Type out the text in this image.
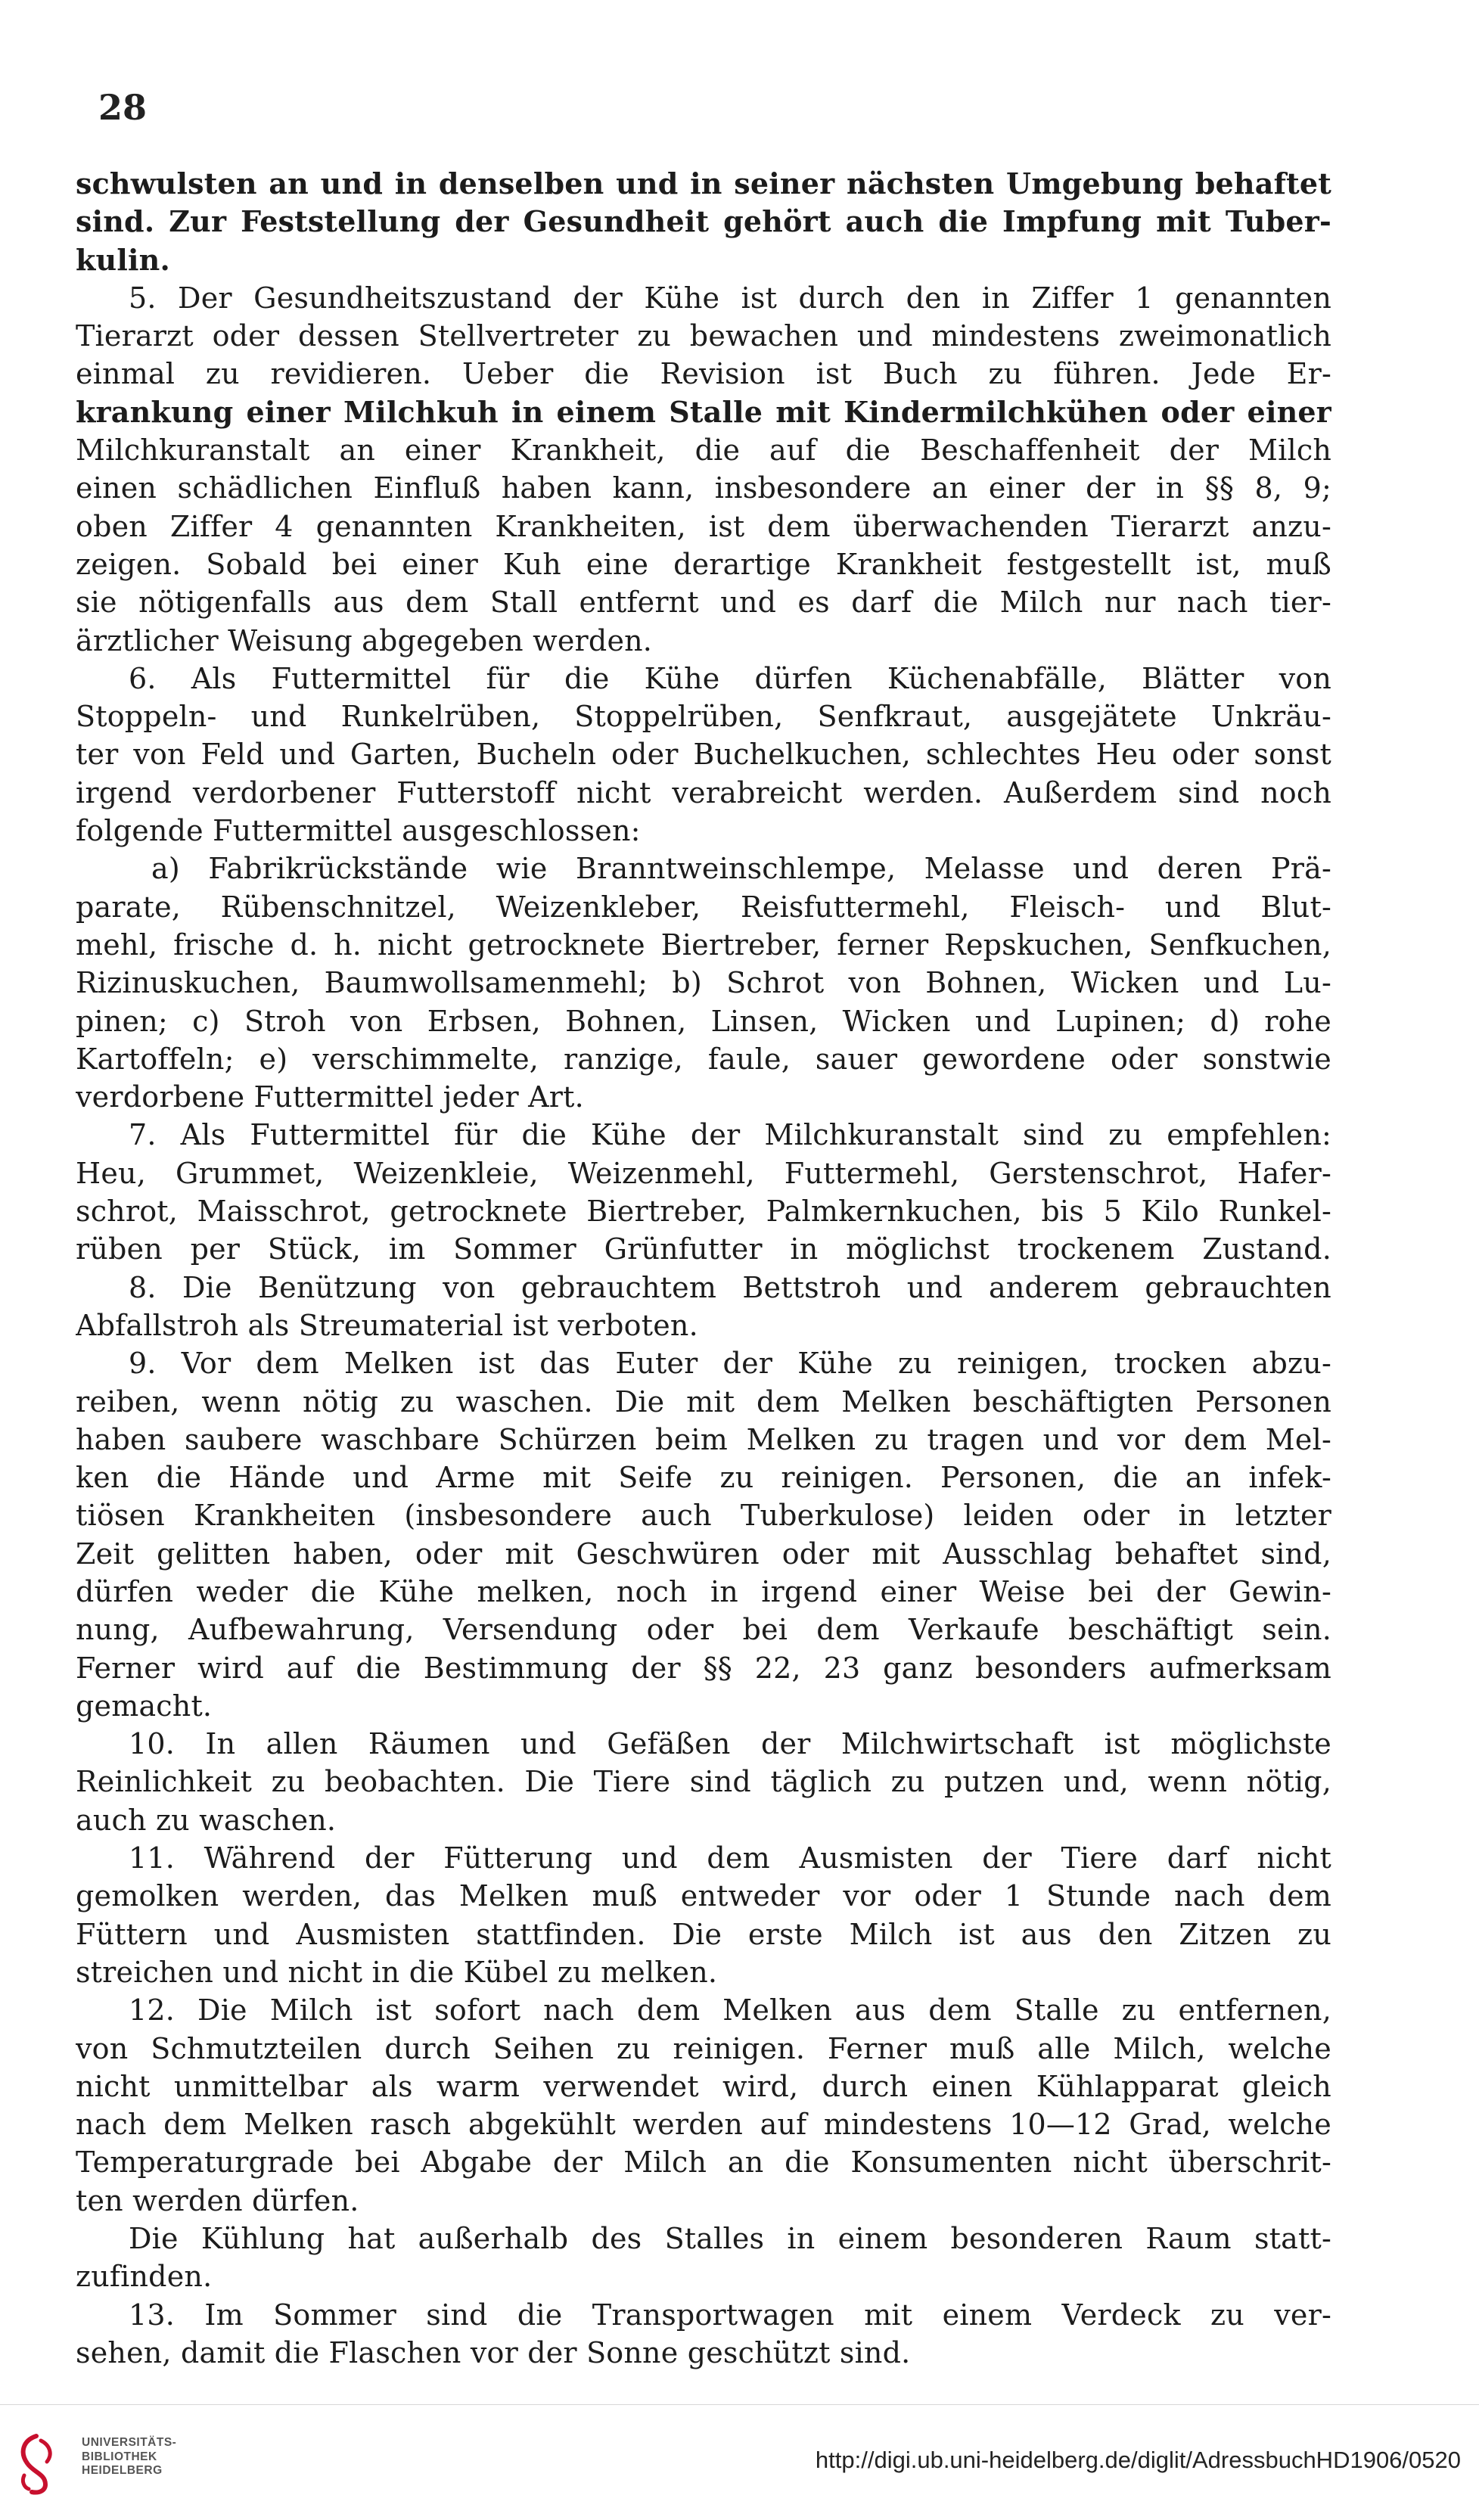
28
schwulsten an und in denselben und in seiner nächsten Umgebung behaftet
sind. Zur Feststellung der Gesundheit gehört auch die Impfung mit Tuber-
kulin.
5. Der Gesundheitszustand der Kühe ist durch den in Ziffer 1 genannten
Tierarzt oder dessen Stellvertreter zu bewachen und mindestens zweimonatlich
einmal zu revidieren. Ueber die Revision ist Buch zu führen. Jede Er-
krankung einer Milchkuh in einem Stalle mit Kindermilchkühen oder einer
Milchkuranstalt an einer Krankheit, die auf die Beschaffenheit der Milch
einen schädlichen Einfluß haben kann, insbesondere an einer der in §§ 8, 9;
oben Ziffer 4 genannten Krankheiten, ist dem überwachenden Tierarzt anzu-
zeigen. Sobald bei einer Kuh eine derartige Krankheit festgestellt ist, muß
sie nötigenfalls aus dem Stall entfernt und es darf die Milch nur nach tier-
ärztlicher Weisung abgegeben werden.
6. Als Futtermittel für die Kühe dürfen Küchenabfälle, Blätter von
Stoppeln- und Runkelrüben, Stoppelrüben, Senfkraut, ausgejätete Unkräu-
ter von Feld und Garten, Bucheln oder Buchelkuchen, schlechtes Heu oder sonst
irgend verdorbener Futterstoff nicht verabreicht werden. Außerdem sind noch
folgende Futtermittel ausgeschlossen:
a) Fabrikrückstände wie Branntweinschlempe, Melasse und deren Prä-
parate, Rübenschnitzel, Weizenkleber, Reisfuttermehl, Fleisch- und Blut-
mehl, frische d. h. nicht getrocknete Biertreber, ferner Repskuchen, Senfkuchen,
Rizinuskuchen, Baumwollsamenmehl; b) Schrot von Bohnen, Wicken und Lu-
pinen; c) Stroh von Erbsen, Bohnen, Linsen, Wicken und Lupinen; d) rohe
Kartoffeln; e) verschimmelte, ranzige, faule, sauer gewordene oder sonstwie
verdorbene Futtermittel jeder Art.
7. Als Futtermittel für die Kühe der Milchkuranstalt sind zu empfehlen:
Heu, Grummet, Weizenkleie, Weizenmehl, Futtermehl, Gerstenschrot, Hafer-
schrot, Maisschrot, getrocknete Biertreber, Palmkernkuchen, bis 5 Kilo Runkel-
rüben per Stück, im Sommer Grünfutter in möglichst trockenem Zustand.
8. Die Benützung von gebrauchtem Bettstroh und anderem gebrauchten
Abfallstroh als Streumaterial ist verboten.
9. Vor dem Melken ist das Euter der Kühe zu reinigen, trocken abzu-
reiben, wenn nötig zu waschen. Die mit dem Melken beschäftigten Personen
haben saubere waschbare Schürzen beim Melken zu tragen und vor dem Mel-
ken die Hände und Arme mit Seife zu reinigen. Personen, die an infek-
tiösen Krankheiten (insbesondere auch Tuberkulose) leiden oder in letzter
Zeit gelitten haben, oder mit Geschwüren oder mit Ausschlag behaftet sind,
dürfen weder die Kühe melken, noch in irgend einer Weise bei der Gewin-
nung, Aufbewahrung, Versendung oder bei dem Verkaufe beschäftigt sein.
Ferner wird auf die Bestimmung der §§ 22, 23 ganz besonders aufmerksam
gemacht.
10. In allen Räumen und Gefäßen der Milchwirtschaft ist möglichste
Reinlichkeit zu beobachten. Die Tiere sind täglich zu putzen und, wenn nötig,
auch zu waschen.
11. Während der Fütterung und dem Ausmisten der Tiere darf nicht
gemolken werden, das Melken muß entweder vor oder 1 Stunde nach dem
Füttern und Ausmisten stattfinden. Die erste Milch ist aus den Zitzen zu
streichen und nicht in die Kübel zu melken.
12. Die Milch ist sofort nach dem Melken aus dem Stalle zu entfernen,
von Schmutzteilen durch Seihen zu reinigen. Ferner muß alle Milch, welche
nicht unmittelbar als warm verwendet wird, durch einen Kühlapparat gleich
nach dem Melken rasch abgekühlt werden auf mindestens 10—12 Grad, welche
Temperaturgrade bei Abgabe der Milch an die Konsumenten nicht überschrit-
ten werden dürfen.
Die Kühlung hat außerhalb des Stalles in einem besonderen Raum statt-
zufinden.
13. Im Sommer sind die Transportwagen mit einem Verdeck zu ver-
sehen, damit die Flaschen vor der Sonne geschützt sind.
UNIVERSITÄTS-
BIBLIOTHEK
HEIDELBERG	http://digi.ub.uni-heidelberg.de/diglit/AdressbuchHD1906/0520
